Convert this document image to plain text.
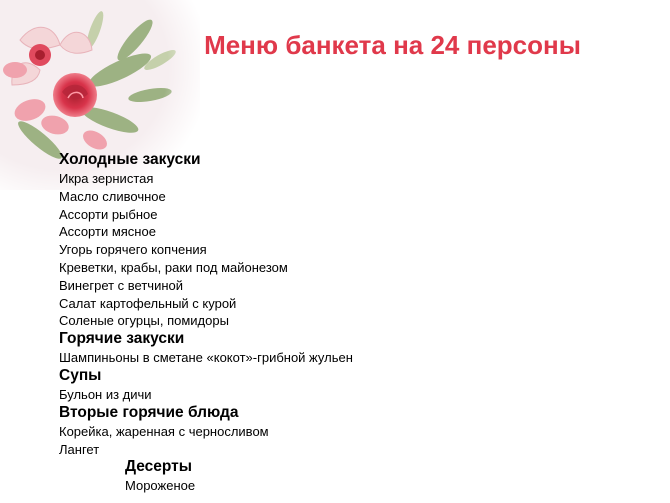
Меню банкета на 24 персоны
Холодные закуски
Икра зернистая
Масло сливочное
Ассорти рыбное
Ассорти мясное
Угорь горячего копчения
Креветки, крабы, раки под майонезом
Винегрет с ветчиной
Салат картофельный с курой
Соленые огурцы, помидоры
Горячие закуски
Шампиньоны в сметане «кокот»-грибной жульен
Супы
Бульон из дичи
Вторые горячие блюда
Корейка, жаренная с черносливом
Лангет
Десерты
Мороженое
